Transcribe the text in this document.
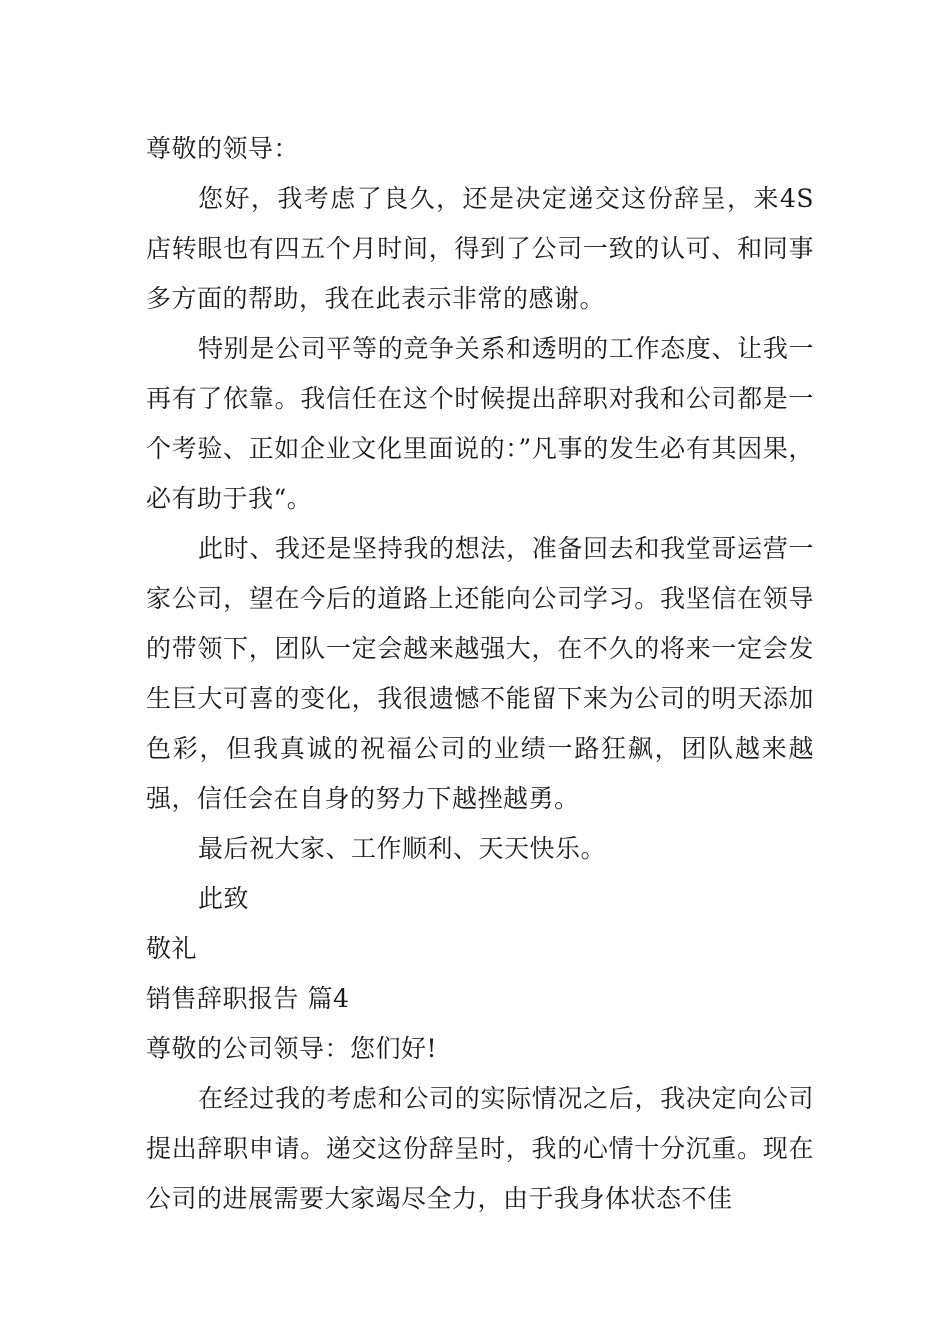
尊敬的领导：

您好，我考虑了良久，还是决定递交这份辞呈，来4S店转眼也有四五个月时间，得到了公司一致的认可、和同事多方面的帮助，我在此表示非常的感谢。

特别是公司平等的竞争关系和透明的工作态度、让我一再有了依靠。我信任在这个时候提出辞职对我和公司都是一个考验、正如企业文化里面说的：”凡事的发生必有其因果，必有助于我“。

此时、我还是坚持我的想法，准备回去和我堂哥运营一家公司，望在今后的道路上还能向公司学习。我坚信在领导的带领下，团队一定会越来越强大，在不久的将来一定会发生巨大可喜的变化，我很遗憾不能留下来为公司的明天添加色彩，但我真诚的祝福公司的业绩一路狂飙，团队越来越强，信任会在自身的努力下越挫越勇。

最后祝大家、工作顺利、天天快乐。

此致

敬礼

销售辞职报告 篇4

尊敬的公司领导：您们好!

在经过我的考虑和公司的实际情况之后，我决定向公司提出辞职申请。递交这份辞呈时，我的心情十分沉重。现在公司的进展需要大家竭尽全力，由于我身体状态不佳
